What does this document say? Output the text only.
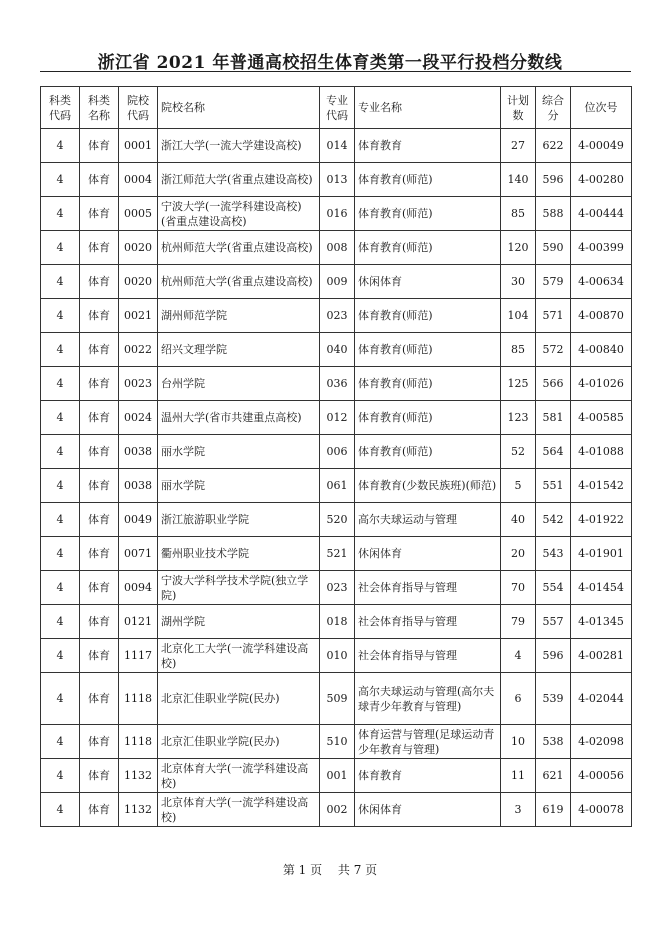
浙江省 2021 年普通高校招生体育类第一段平行投档分数线
科类代码	科类名称	院校代码	院校名称	专业代码	专业名称	计划数	综合分	位次号
4	体育	0001	浙江大学(一流大学建设高校)	014	体育教育	27	622	4-00049
4	体育	0004	浙江师范大学(省重点建设高校)	013	体育教育(师范)	140	596	4-00280
4	体育	0005	宁波大学(一流学科建设高校)(省重点建设高校)	016	体育教育(师范)	85	588	4-00444
4	体育	0020	杭州师范大学(省重点建设高校)	008	体育教育(师范)	120	590	4-00399
4	体育	0020	杭州师范大学(省重点建设高校)	009	休闲体育	30	579	4-00634
4	体育	0021	湖州师范学院	023	体育教育(师范)	104	571	4-00870
4	体育	0022	绍兴文理学院	040	体育教育(师范)	85	572	4-00840
4	体育	0023	台州学院	036	体育教育(师范)	125	566	4-01026
4	体育	0024	温州大学(省市共建重点高校)	012	体育教育(师范)	123	581	4-00585
4	体育	0038	丽水学院	006	体育教育(师范)	52	564	4-01088
4	体育	0038	丽水学院	061	体育教育(少数民族班)(师范)	5	551	4-01542
4	体育	0049	浙江旅游职业学院	520	高尔夫球运动与管理	40	542	4-01922
4	体育	0071	衢州职业技术学院	521	休闲体育	20	543	4-01901
4	体育	0094	宁波大学科学技术学院(独立学院)	023	社会体育指导与管理	70	554	4-01454
4	体育	0121	湖州学院	018	社会体育指导与管理	79	557	4-01345
4	体育	1117	北京化工大学(一流学科建设高校)	010	社会体育指导与管理	4	596	4-00281
4	体育	1118	北京汇佳职业学院(民办)	509	高尔夫球运动与管理(高尔夫球青少年教育与管理)	6	539	4-02044
4	体育	1118	北京汇佳职业学院(民办)	510	体育运营与管理(足球运动青少年教育与管理)	10	538	4-02098
4	体育	1132	北京体育大学(一流学科建设高校)	001	体育教育	11	621	4-00056
4	体育	1132	北京体育大学(一流学科建设高校)	002	休闲体育	3	619	4-00078
第 1 页 共 7 页
